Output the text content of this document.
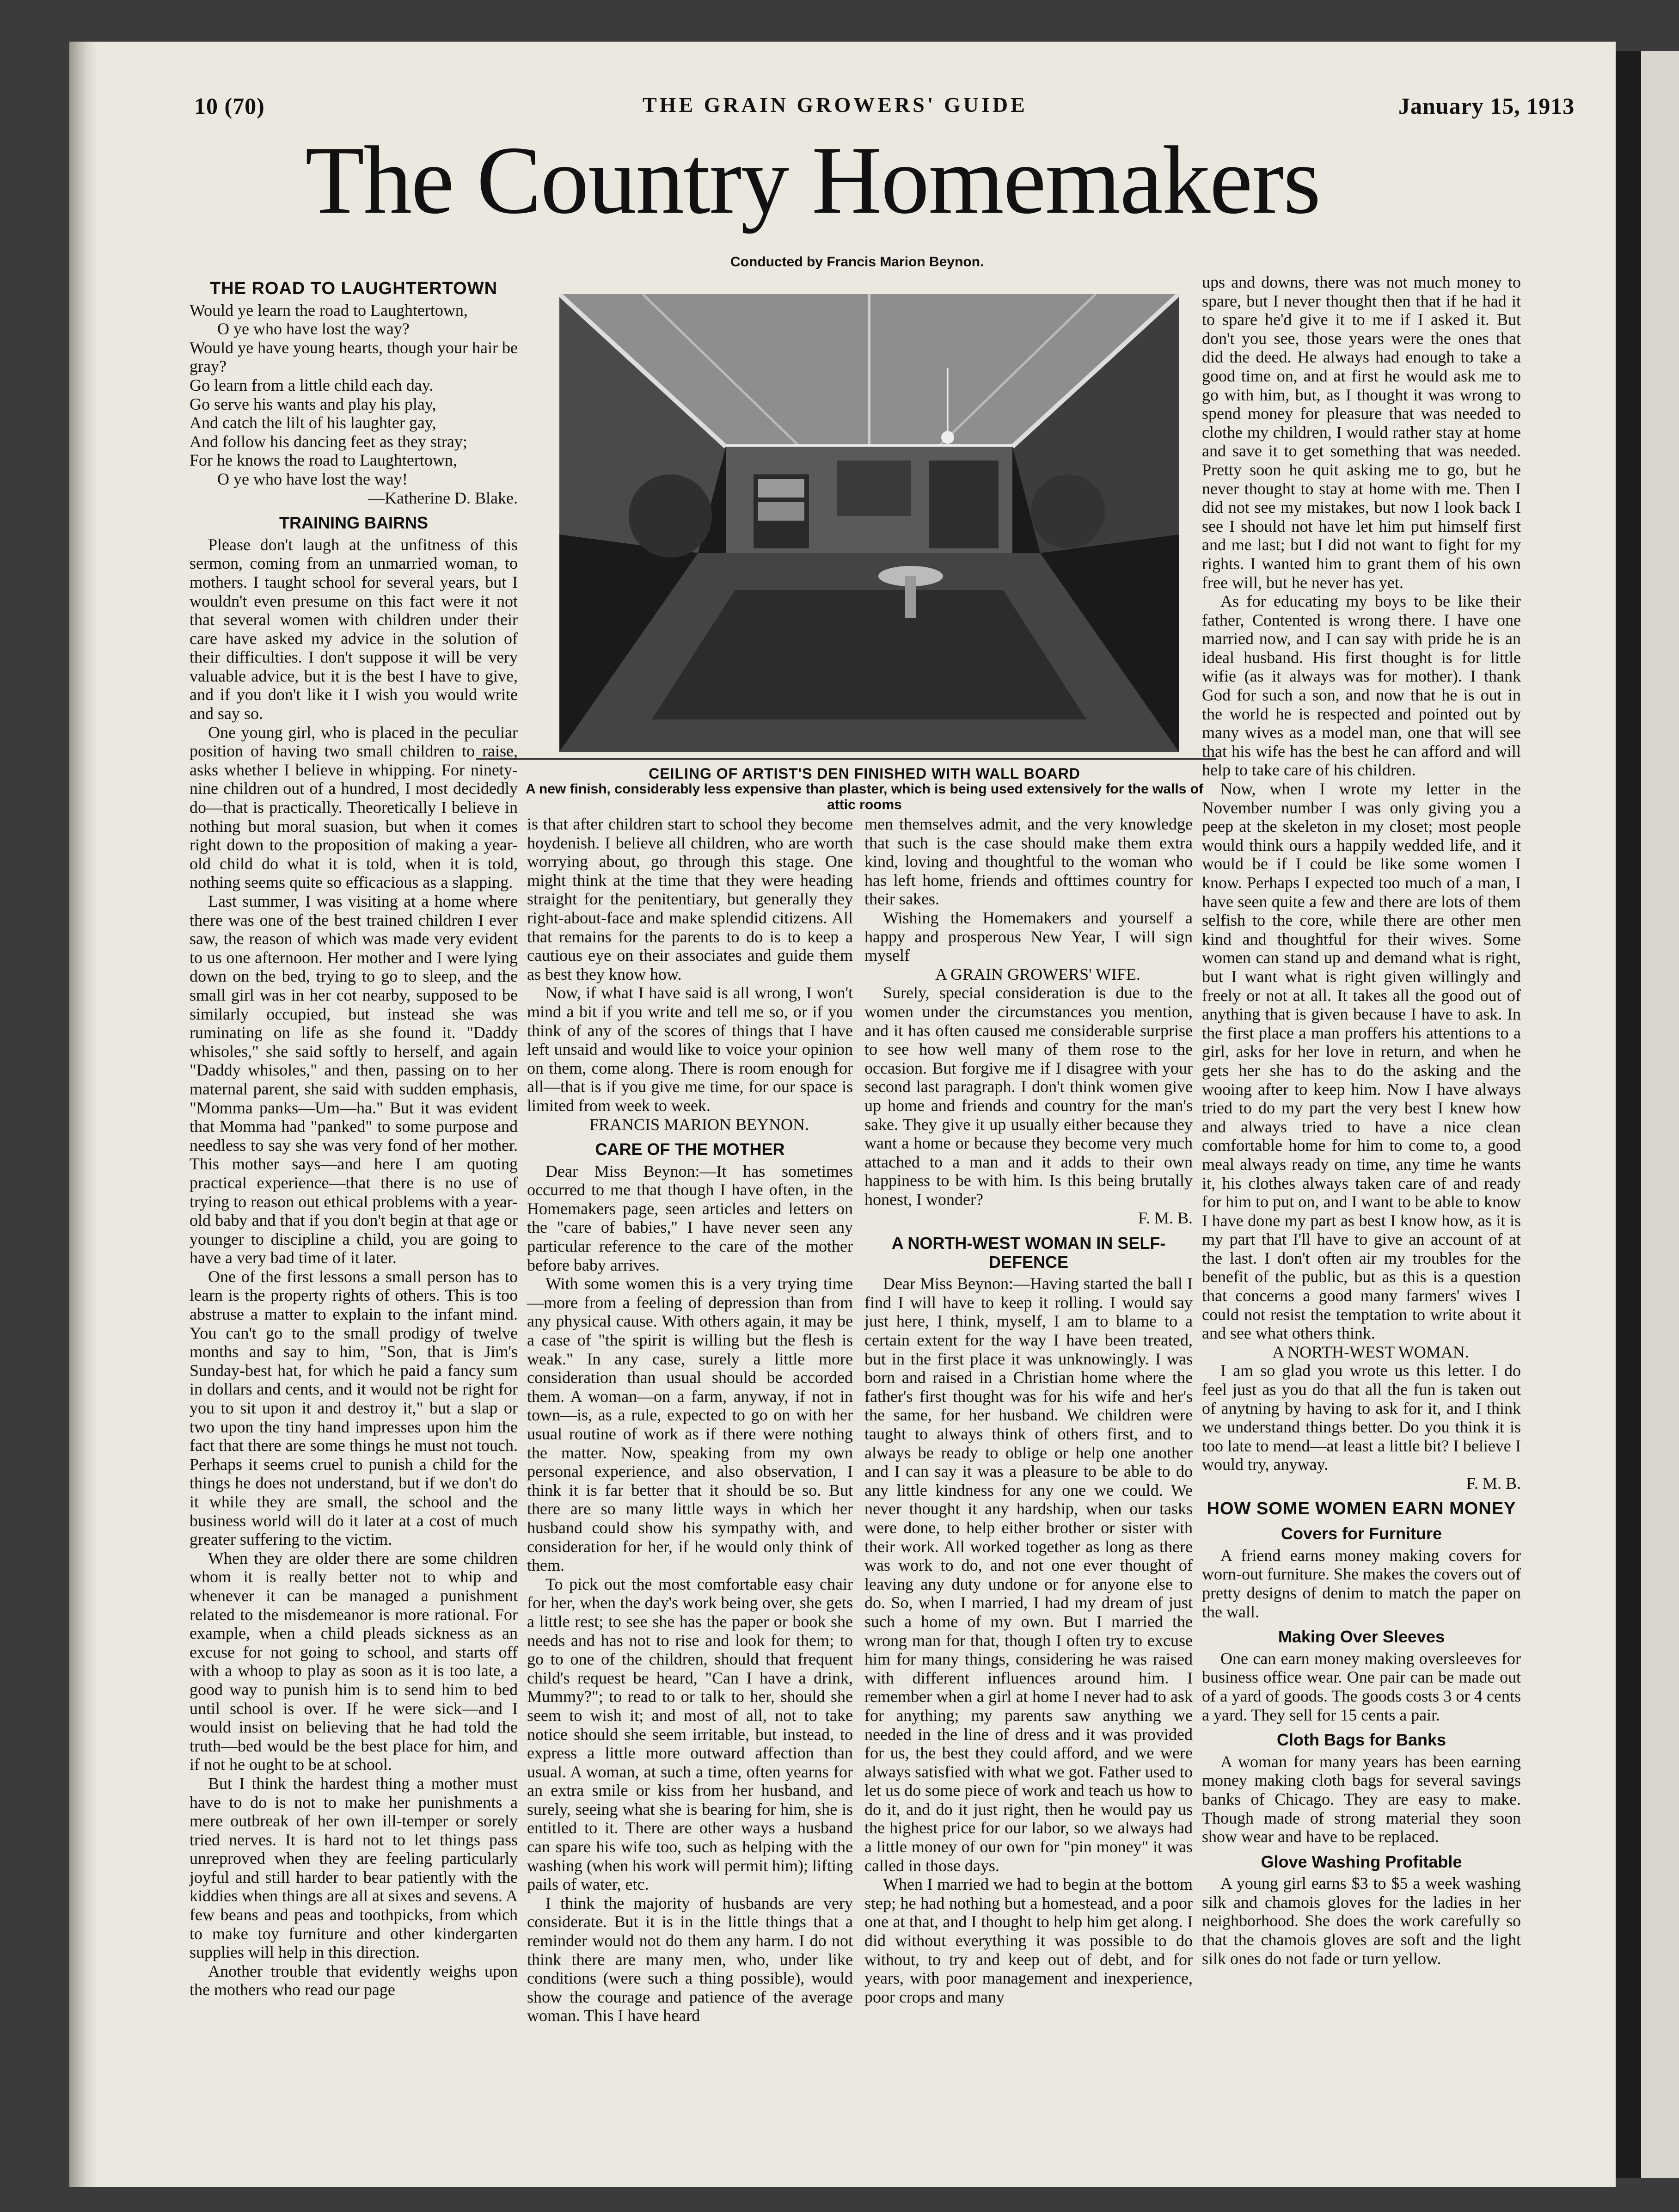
10 (70)	THE GRAIN GROWERS' GUIDE	January 15, 1913
The Country Homemakers
Conducted by Francis Marion Beynon.
CEILING OF ARTIST'S DEN FINISHED WITH WALL BOARD
A new finish, considerably less expensive than plaster, which is being used extensively for the walls of attic rooms
THE ROAD TO LAUGHTERTOWN

Would ye learn the road to Laughtertown,

O ye who have lost the way?

Would ye have young hearts, though your hair be gray?

Go learn from a little child each day.

Go serve his wants and play his play,

And catch the lilt of his laughter gay,

And follow his dancing feet as they stray;

For he knows the road to Laughtertown,

O ye who have lost the way!

—Katherine D. Blake.

TRAINING BAIRNS

Please don't laugh at the unfitness of this sermon, coming from an unmarried woman, to mothers. I taught school for several years, but I wouldn't even presume on this fact were it not that several women with children under their care have asked my advice in the solution of their difficulties. I don't suppose it will be very valuable advice, but it is the best I have to give, and if you don't like it I wish you would write and say so.

One young girl, who is placed in the peculiar position of having two small children to raise, asks whether I believe in whipping. For ninety-nine children out of a hundred, I most decidedly do—that is practically. Theoretically I believe in nothing but moral suasion, but when it comes right down to the proposition of making a year-old child do what it is told, when it is told, nothing seems quite so efficacious as a slapping.

Last summer, I was visiting at a home where there was one of the best trained children I ever saw, the reason of which was made very evident to us one afternoon. Her mother and I were lying down on the bed, trying to go to sleep, and the small girl was in her cot nearby, supposed to be similarly occupied, but instead she was ruminating on life as she found it. "Daddy whisoles," she said softly to herself, and again "Daddy whisoles," and then, passing on to her maternal parent, she said with sudden emphasis, "Momma panks—Um—ha." But it was evident that Momma had "panked" to some purpose and needless to say she was very fond of her mother. This mother says—and here I am quoting practical experience—that there is no use of trying to reason out ethical problems with a year-old baby and that if you don't begin at that age or younger to discipline a child, you are going to have a very bad time of it later.

One of the first lessons a small person has to learn is the property rights of others. This is too abstruse a matter to explain to the infant mind. You can't go to the small prodigy of twelve months and say to him, "Son, that is Jim's Sunday-best hat, for which he paid a fancy sum in dollars and cents, and it would not be right for you to sit upon it and destroy it," but a slap or two upon the tiny hand impresses upon him the fact that there are some things he must not touch. Perhaps it seems cruel to punish a child for the things he does not understand, but if we don't do it while they are small, the school and the business world will do it later at a cost of much greater suffering to the victim.

When they are older there are some children whom it is really better not to whip and whenever it can be managed a punishment related to the misdemeanor is more rational. For example, when a child pleads sickness as an excuse for not going to school, and starts off with a whoop to play as soon as it is too late, a good way to punish him is to send him to bed until school is over. If he were sick—and I would insist on believing that he had told the truth—bed would be the best place for him, and if not he ought to be at school.

But I think the hardest thing a mother must have to do is not to make her punishments a mere outbreak of her own ill-temper or sorely tried nerves. It is hard not to let things pass unreproved when they are feeling particularly joyful and still harder to bear patiently with the kiddies when things are all at sixes and sevens. A few beans and peas and toothpicks, from which to make toy furniture and other kindergarten supplies will help in this direction.

Another trouble that evidently weighs upon the mothers who read our page

is that after children start to school they become hoydenish. I believe all children, who are worth worrying about, go through this stage. One might think at the time that they were heading straight for the penitentiary, but generally they right-about-face and make splendid citizens. All that remains for the parents to do is to keep a cautious eye on their associates and guide them as best they know how.

Now, if what I have said is all wrong, I won't mind a bit if you write and tell me so, or if you think of any of the scores of things that I have left unsaid and would like to voice your opinion on them, come along. There is room enough for all—that is if you give me time, for our space is limited from week to week.

FRANCIS MARION BEYNON.

CARE OF THE MOTHER

Dear Miss Beynon:—It has sometimes occurred to me that though I have often, in the Homemakers page, seen articles and letters on the "care of babies," I have never seen any particular reference to the care of the mother before baby arrives.

With some women this is a very trying time—more from a feeling of depression than from any physical cause. With others again, it may be a case of "the spirit is willing but the flesh is weak." In any case, surely a little more consideration than usual should be accorded them. A woman—on a farm, anyway, if not in town—is, as a rule, expected to go on with her usual routine of work as if there were nothing the matter. Now, speaking from my own personal experience, and also observation, I think it is far better that it should be so. But there are so many little ways in which her husband could show his sympathy with, and consideration for her, if he would only think of them.

To pick out the most comfortable easy chair for her, when the day's work being over, she gets a little rest; to see she has the paper or book she needs and has not to rise and look for them; to go to one of the children, should that frequent child's request be heard, "Can I have a drink, Mummy?"; to read to or talk to her, should she seem to wish it; and most of all, not to take notice should she seem irritable, but instead, to express a little more outward affection than usual. A woman, at such a time, often yearns for an extra smile or kiss from her husband, and surely, seeing what she is bearing for him, she is entitled to it. There are other ways a husband can spare his wife too, such as helping with the washing (when his work will permit him); lifting pails of water, etc.

I think the majority of husbands are very considerate. But it is in the little things that a reminder would not do them any harm. I do not think there are many men, who, under like conditions (were such a thing possible), would show the courage and patience of the average woman. This I have heard

men themselves admit, and the very knowledge that such is the case should make them extra kind, loving and thoughtful to the woman who has left home, friends and ofttimes country for their sakes.

Wishing the Homemakers and yourself a happy and prosperous New Year, I will sign myself

A GRAIN GROWERS' WIFE.

Surely, special consideration is due to the women under the circumstances you mention, and it has often caused me considerable surprise to see how well many of them rose to the occasion. But forgive me if I disagree with your second last paragraph. I don't think women give up home and friends and country for the man's sake. They give it up usually either because they want a home or because they become very much attached to a man and it adds to their own happiness to be with him. Is this being brutally honest, I wonder?

F. M. B.

A NORTH-WEST WOMAN IN SELF-DEFENCE

Dear Miss Beynon:—Having started the ball I find I will have to keep it rolling. I would say just here, I think, myself, I am to blame to a certain extent for the way I have been treated, but in the first place it was unknowingly. I was born and raised in a Christian home where the father's first thought was for his wife and her's the same, for her husband. We children were taught to always think of others first, and to always be ready to oblige or help one another and I can say it was a pleasure to be able to do any little kindness for any one we could. We never thought it any hardship, when our tasks were done, to help either brother or sister with their work. All worked together as long as there was work to do, and not one ever thought of leaving any duty undone or for anyone else to do. So, when I married, I had my dream of just such a home of my own. But I married the wrong man for that, though I often try to excuse him for many things, considering he was raised with different influences around him. I remember when a girl at home I never had to ask for anything; my parents saw anything we needed in the line of dress and it was provided for us, the best they could afford, and we were always satisfied with what we got. Father used to let us do some piece of work and teach us how to do it, and do it just right, then he would pay us the highest price for our labor, so we always had a little money of our own for "pin money" it was called in those days.

When I married we had to begin at the bottom step; he had nothing but a homestead, and a poor one at that, and I thought to help him get along. I did without everything it was possible to do without, to try and keep out of debt, and for years, with poor management and inexperience, poor crops and many

ups and downs, there was not much money to spare, but I never thought then that if he had it to spare he'd give it to me if I asked it. But don't you see, those years were the ones that did the deed. He always had enough to take a good time on, and at first he would ask me to go with him, but, as I thought it was wrong to spend money for pleasure that was needed to clothe my children, I would rather stay at home and save it to get something that was needed. Pretty soon he quit asking me to go, but he never thought to stay at home with me. Then I did not see my mistakes, but now I look back I see I should not have let him put himself first and me last; but I did not want to fight for my rights. I wanted him to grant them of his own free will, but he never has yet.

As for educating my boys to be like their father, Contented is wrong there. I have one married now, and I can say with pride he is an ideal husband. His first thought is for little wifie (as it always was for mother). I thank God for such a son, and now that he is out in the world he is respected and pointed out by many wives as a model man, one that will see that his wife has the best he can afford and will help to take care of his children.

Now, when I wrote my letter in the November number I was only giving you a peep at the skeleton in my closet; most people would think ours a happily wedded life, and it would be if I could be like some women I know. Perhaps I expected too much of a man, I have seen quite a few and there are lots of them selfish to the core, while there are other men kind and thoughtful for their wives. Some women can stand up and demand what is right, but I want what is right given willingly and freely or not at all. It takes all the good out of anything that is given because I have to ask. In the first place a man proffers his attentions to a girl, asks for her love in return, and when he gets her she has to do the asking and the wooing after to keep him. Now I have always tried to do my part the very best I knew how and always tried to have a nice clean comfortable home for him to come to, a good meal always ready on time, any time he wants it, his clothes always taken care of and ready for him to put on, and I want to be able to know I have done my part as best I know how, as it is my part that I'll have to give an account of at the last. I don't often air my troubles for the benefit of the public, but as this is a question that concerns a good many farmers' wives I could not resist the temptation to write about it and see what others think.

A NORTH-WEST WOMAN.

I am so glad you wrote us this letter. I do feel just as you do that all the fun is taken out of anytning by having to ask for it, and I think we understand things better. Do you think it is too late to mend—at least a little bit? I believe I would try, anyway.

F. M. B.

HOW SOME WOMEN EARN MONEY
Covers for Furniture

A friend earns money making covers for worn-out furniture. She makes the covers out of pretty designs of denim to match the paper on the wall.

Making Over Sleeves

One can earn money making oversleeves for business office wear. One pair can be made out of a yard of goods. The goods costs 3 or 4 cents a yard. They sell for 15 cents a pair.

Cloth Bags for Banks

A woman for many years has been earning money making cloth bags for several savings banks of Chicago. They are easy to make. Though made of strong material they soon show wear and have to be replaced.

Glove Washing Profitable

A young girl earns $3 to $5 a week washing silk and chamois gloves for the ladies in her neighborhood. She does the work carefully so that the chamois gloves are soft and the light silk ones do not fade or turn yellow.
